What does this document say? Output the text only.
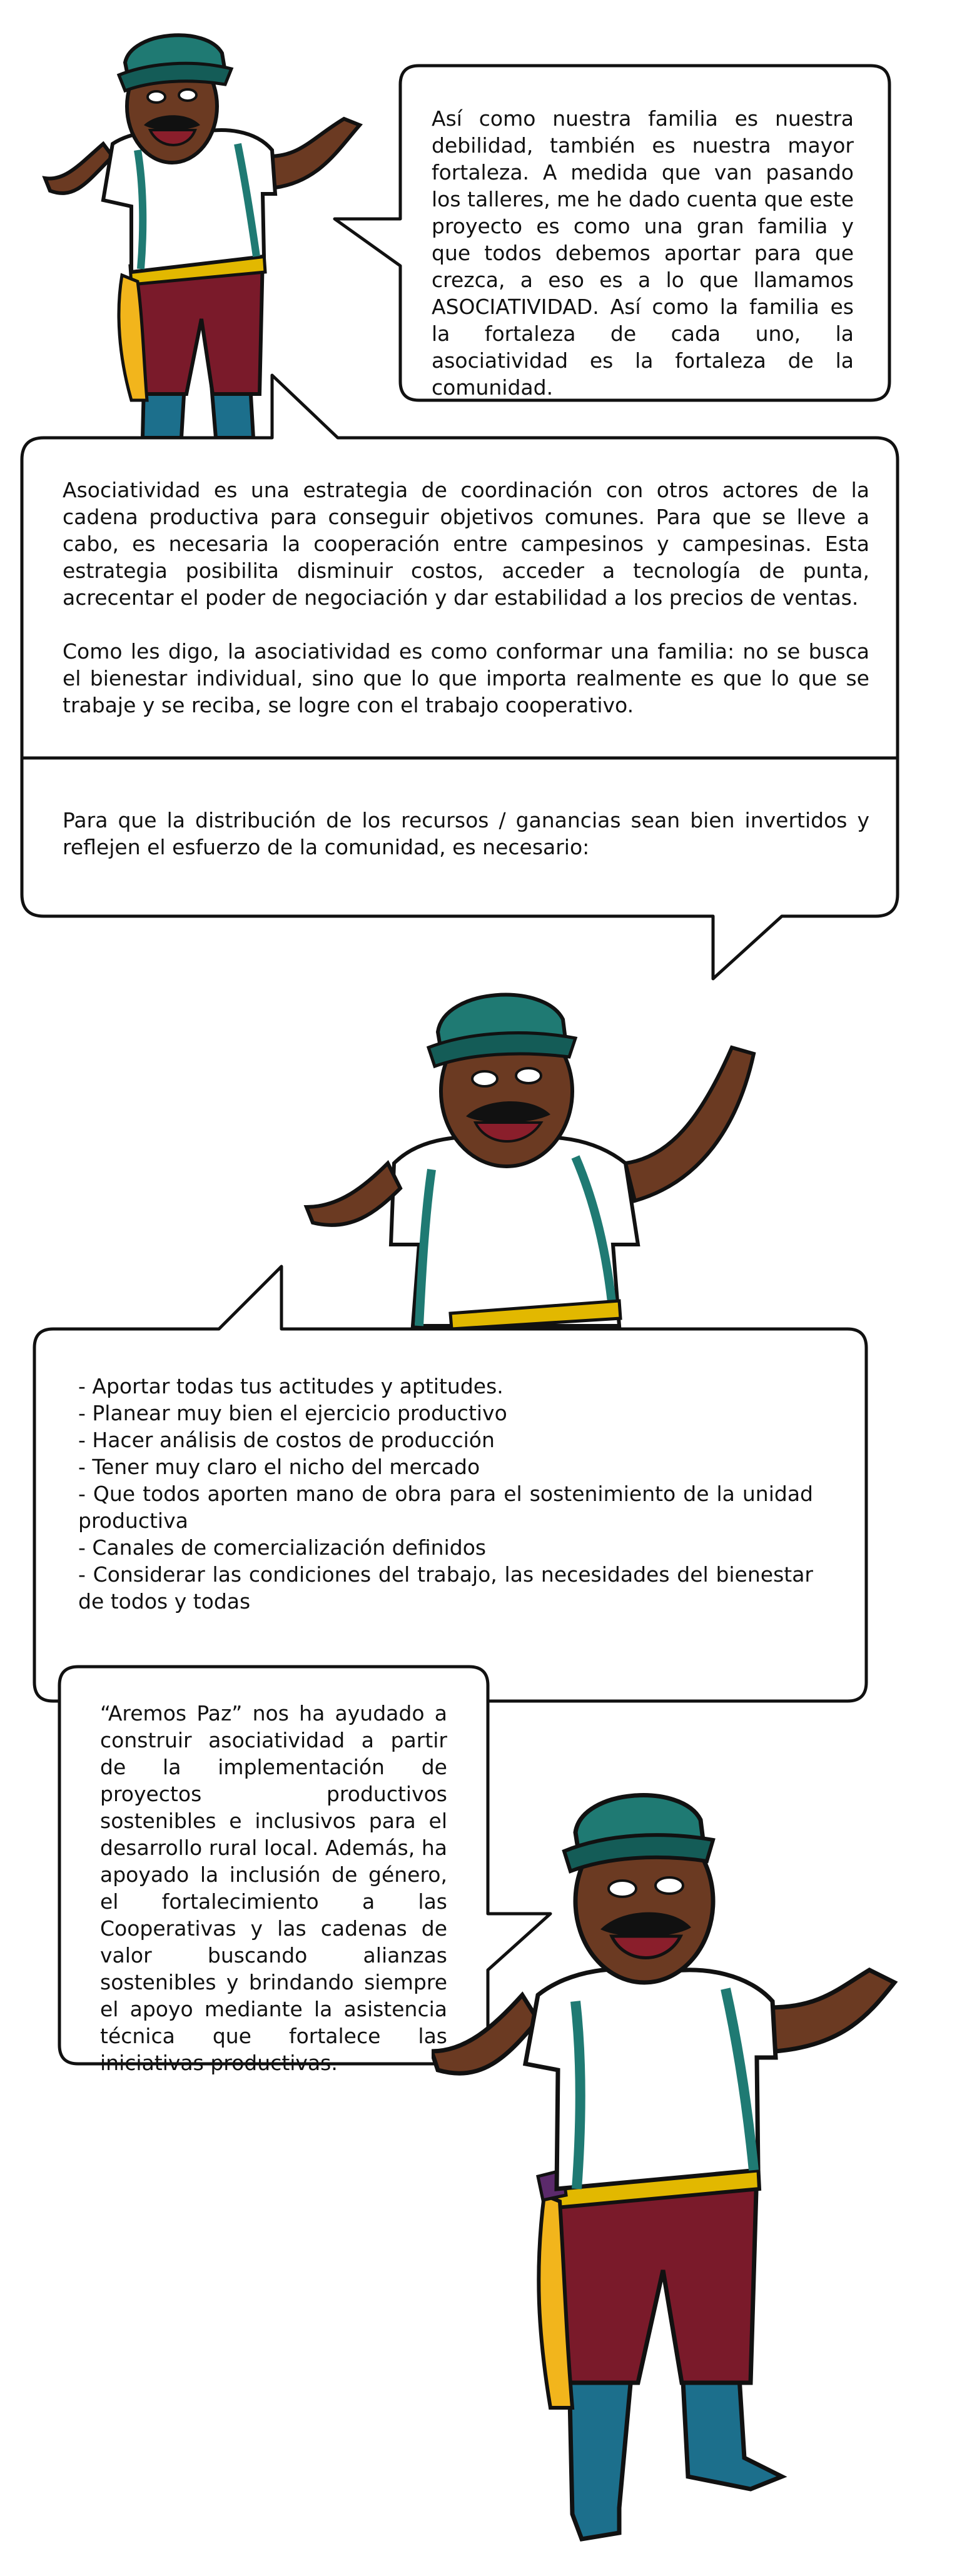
Así como nuestra familia es nuestra debilidad, también es nuestra mayor fortaleza. A medida que van pasando los talleres, me he dado cuenta que este proyecto es como una gran familia y que todos debemos aportar para que crezca, a eso es a lo que llamamos ASOCIATIVIDAD. Así como la familia es la fortaleza de cada uno, la asociatividad es la fortaleza de la comunidad.

Asociatividad es una estrategia de coordinación con otros actores de la cadena productiva para conseguir objetivos comunes. Para que se lleve a cabo, es necesaria la cooperación entre campesinos y campesinas. Esta estrategia posibilita disminuir costos, acceder a tecnología de punta, acrecentar el poder de negociación y dar estabilidad a los precios de ventas.

Como les digo, la asociatividad es como conformar una familia: no se busca el bienestar individual, sino que lo que importa realmente es que lo que se trabaje y se reciba, se logre con el trabajo cooperativo.

Para que la distribución de los recursos / ganancias sean bien invertidos y reflejen el esfuerzo de la comunidad, es necesario:

- Aportar todas tus actitudes y aptitudes.
- Planear muy bien el ejercicio productivo
- Hacer análisis de costos de producción
- Tener muy claro el nicho del mercado
- Que todos aporten mano de obra para el sostenimiento de la unidad productiva
- Canales de comercialización definidos
- Considerar las condiciones del trabajo, las necesidades del bienestar de todos y todas

“Aremos Paz” nos ha ayudado a construir asociatividad a partir de la implementación de proyectos productivos sostenibles e inclusivos para el desarrollo rural local. Además, ha apoyado la inclusión de género, el fortalecimiento a las Cooperativas y las cadenas de valor buscando alianzas sostenibles y brindando siempre el apoyo mediante la asistencia técnica que fortalece las iniciativas productivas.
